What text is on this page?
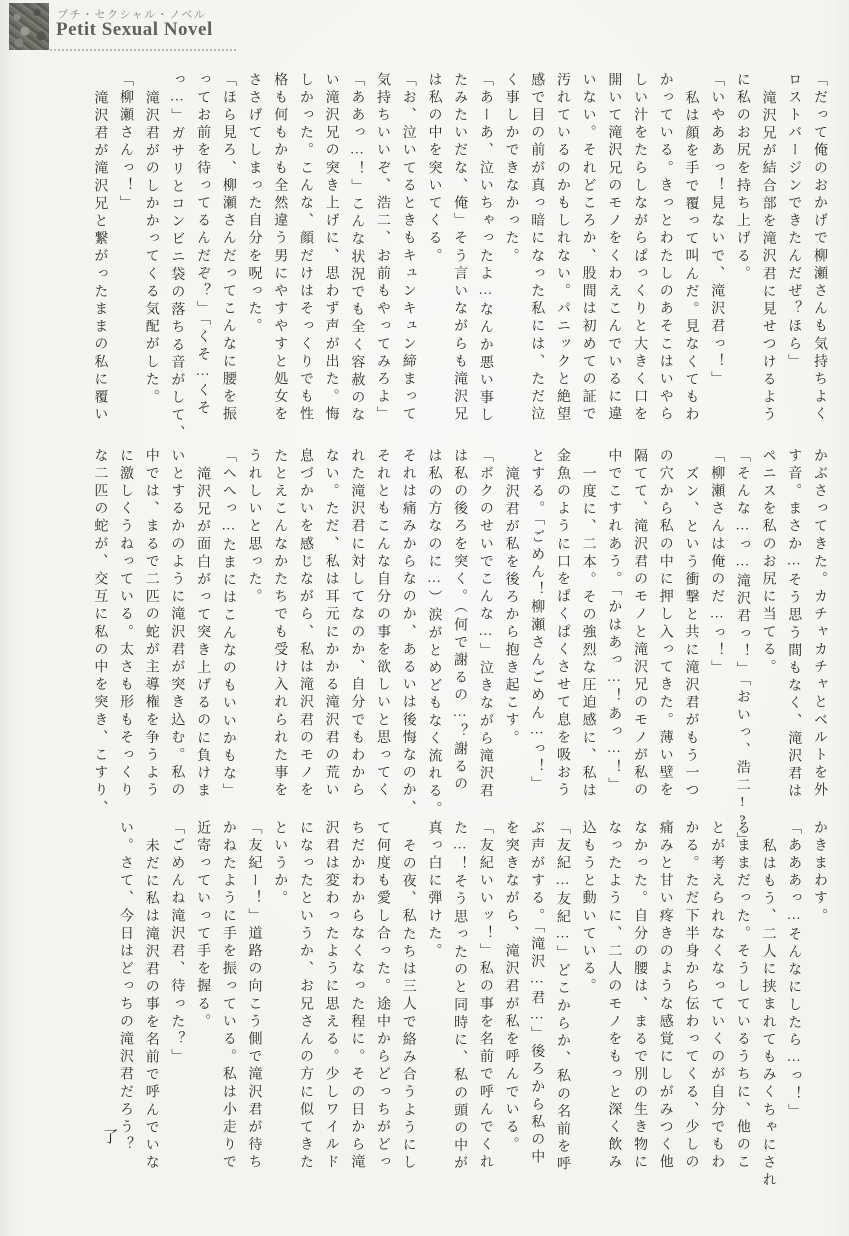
プチ・セクシャル・ノベル
Petit Sexual Novel
「だって俺のおかげで柳瀬さんも気持ちよく
ロストバージンできたんだぜ？ほら」
滝沢兄が結合部を滝沢君に見せつけるよう
に私のお尻を持ち上げる。
「いやああっ！見ないで、滝沢君っ！」
私は顔を手で覆って叫んだ。見なくてもわ
かっている。きっとわたしのあそこはいやら
しい汁をたらしながらぱっくりと大きく口を
開いて滝沢兄のモノをくわえこんでいるに違
いない。それどころか、股間は初めての証で
汚れているのかもしれない。パニックと絶望
感で目の前が真っ暗になった私には、ただ泣
く事しかできなかった。
「あーあ、泣いちゃったよ…なんか悪い事し
たみたいだな、俺」そう言いながらも滝沢兄
は私の中を突いてくる。
「お、泣いてるときもキュンキュン締まって
気持ちいいぞ、浩二、お前もやってみろよ」
「ああっ…！」こんな状況でも全く容赦のな
い滝沢兄の突き上げに、思わず声が出た。悔
しかった。こんな、顔だけはそっくりでも性
格も何もかも全然違う男にやすやすと処女を
ささげてしまった自分を呪った。
「ほら見ろ、柳瀬さんだってこんなに腰を振
ってお前を待ってるんだぞ？」「くそ…くそ
っ…」ガサリとコンビニ袋の落ちる音がして、
滝沢君がのしかかってくる気配がした。
「柳瀬さんっ！」
滝沢君が滝沢兄と繋がったままの私に覆い
かぶさってきた。カチャカチャとベルトを外
す音。まさか…そう思う間もなく、滝沢君は
ペニスを私のお尻に当てる。
「そんな…っ…滝沢君っ！」「おいっ、浩二!?」
「柳瀬さんは俺のだ…っ！」
ズン、という衝撃と共に滝沢君がもう一つ
の穴から私の中に押し入ってきた。薄い壁を
隔てて、滝沢君のモノと滝沢兄のモノが私の
中でこすれあう。「かはあっ…！あっ…！」
一度に、二本。その強烈な圧迫感に、私は
金魚のように口をぱくぱくさせて息を吸おう
とする。「ごめん！柳瀬さんごめん…っ！」
滝沢君が私を後ろから抱き起こす。
「ボクのせいでこんな…」泣きながら滝沢君
は私の後ろを突く。（何で謝るの…？謝るの
は私の方なのに…）涙がとめどもなく流れる。
それは痛みからなのか、あるいは後悔なのか、
それともこんな自分の事を欲しいと思ってく
れた滝沢君に対してなのか、自分でもわから
ない。ただ、私は耳元にかかる滝沢君の荒い
息づかいを感じながら、私は滝沢君のモノを
たとえこんなかたちでも受け入れられた事を
うれしいと思った。
「へへっ…たまにはこんなのもいいかもな」
滝沢兄が面白がって突き上げるのに負けま
いとするかのように滝沢君が突き込む。私の
中では、まるで二匹の蛇が主導権を争うよう
に激しくうねっている。太さも形もそっくり
な二匹の蛇が、交互に私の中を突き、こすり、
かきまわす。
「あああっ…そんなにしたら…っ！」
私はもう、二人に挟まれてもみくちゃにされ
るままだった。そうしているうちに、他のこ
とが考えられなくなっていくのが自分でもわ
かる。ただ下半身から伝わってくる、少しの
痛みと甘い疼きのような感覚にしがみつく他
なかった。自分の腰は、まるで別の生き物に
なったように、二人のモノをもっと深く飲み
込もうと動いている。
「友紀…友紀…」どこからか、私の名前を呼
ぶ声がする。「滝沢…君…」後ろから私の中
を突きながら、滝沢君が私を呼んでいる。
「友紀いいッ！」私の事を名前で呼んでくれ
た…！そう思ったのと同時に、私の頭の中が
真っ白に弾けた。
その夜、私たちは三人で絡み合うようにし
て何度も愛し合った。途中からどっちがどっ
ちだかわからなくなった程に。その日から滝
沢君は変わったように思える。少しワイルド
になったというか、お兄さんの方に似てきた
というか。
「友紀ー！」道路の向こう側で滝沢君が待ち
かねたように手を振っている。私は小走りで
近寄っていって手を握る。
「ごめんね滝沢君、待った？」
未だに私は滝沢君の事を名前で呼んでいな
い。さて、今日はどっちの滝沢君だろう？
了
